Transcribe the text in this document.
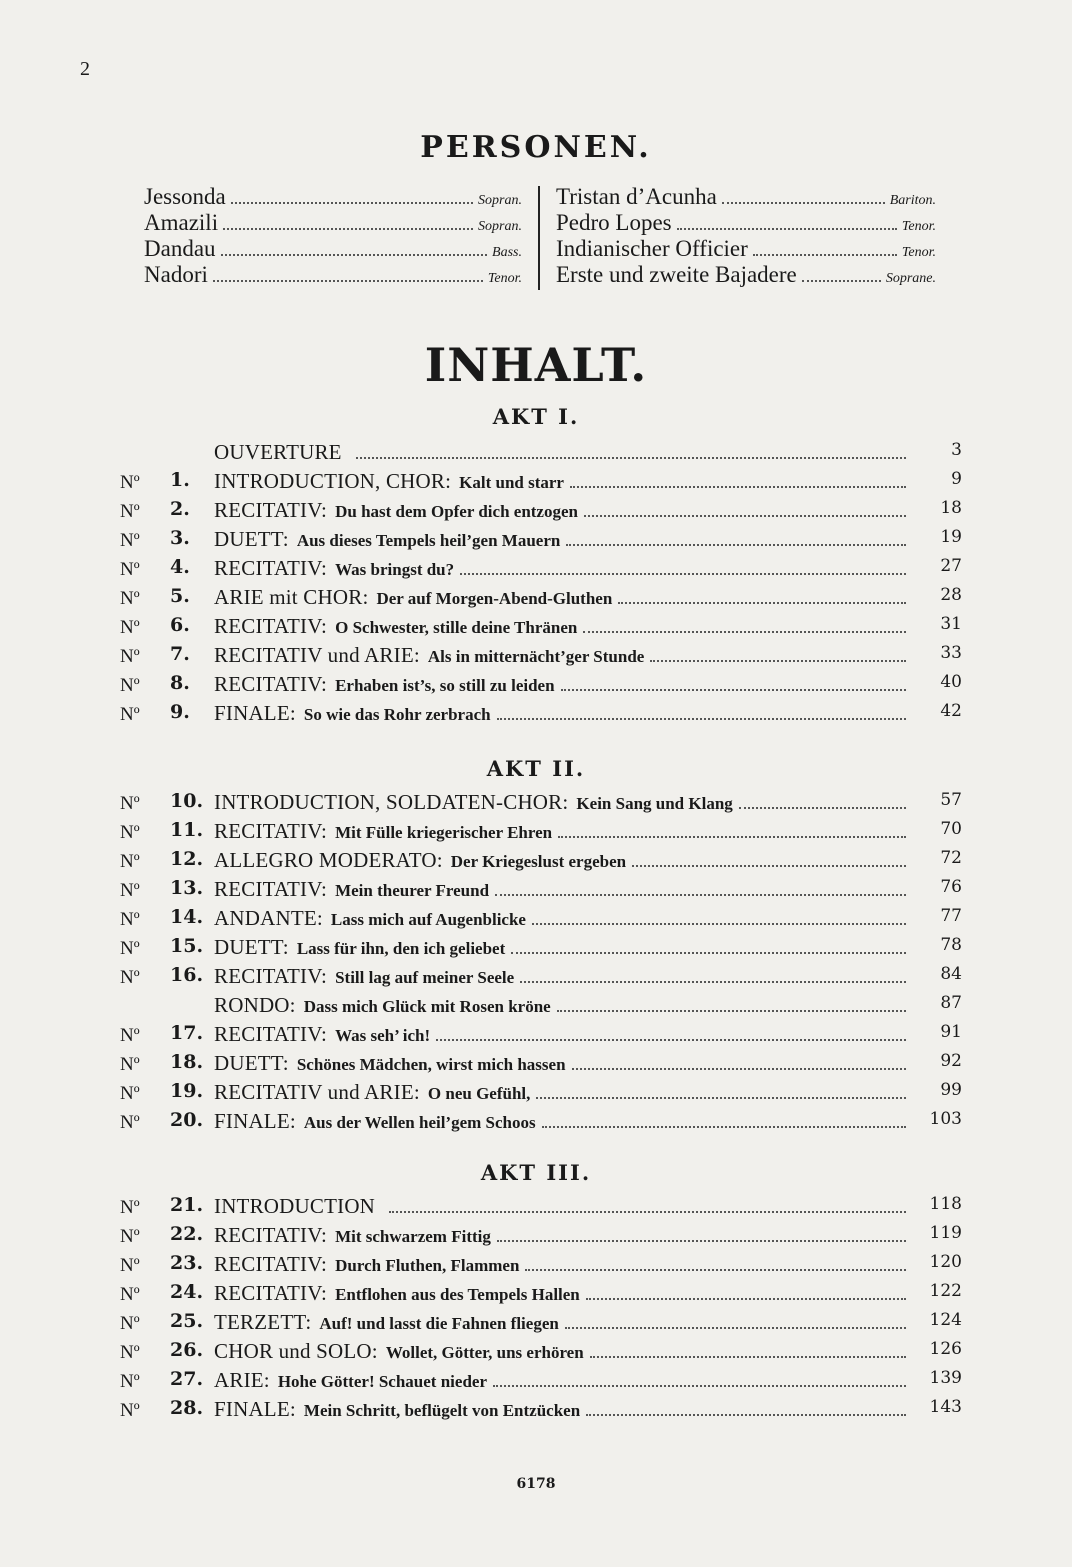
2
PERSONEN.
Jessonda	Sopran.
Amazili	Sopran.
Dandau	Bass.
Nadori	Tenor.
Tristan d’Acunha	Bariton.
Pedro Lopes	Tenor.
Indianischer Officier	Tenor.
Erste und zweite Bajadere	Soprane.
INHALT.
AKT I.
OUVERTURE	3
Nº	1.	INTRODUCTION, CHOR: Kalt und starr	9
Nº	2.	RECITATIV: Du hast dem Opfer dich entzogen	18
Nº	3.	DUETT: Aus dieses Tempels heil’gen Mauern	19
Nº	4.	RECITATIV: Was bringst du?	27
Nº	5.	ARIE mit CHOR: Der auf Morgen-Abend-Gluthen	28
Nº	6.	RECITATIV: O Schwester, stille deine Thränen	31
Nº	7.	RECITATIV und ARIE: Als in mitternächt’ger Stunde	33
Nº	8.	RECITATIV: Erhaben ist’s, so still zu leiden	40
Nº	9.	FINALE: So wie das Rohr zerbrach	42
AKT II.
Nº	10. INTRODUCTION, SOLDATEN-CHOR: Kein Sang und Klang	57
Nº	11. RECITATIV: Mit Fülle kriegerischer Ehren	70
Nº	12. ALLEGRO MODERATO: Der Kriegeslust ergeben	72
Nº	13. RECITATIV: Mein theurer Freund	76
Nº	14. ANDANTE: Lass mich auf Augenblicke	77
Nº	15. DUETT: Lass für ihn, den ich geliebet	78
Nº	16. RECITATIV: Still lag auf meiner Seele	84
RONDO: Dass mich Glück mit Rosen kröne	87
Nº	17. RECITATIV: Was seh’ ich!	91
Nº	18. DUETT: Schönes Mädchen, wirst mich hassen	92
Nº	19. RECITATIV und ARIE: O neu Gefühl,	99
Nº	20. FINALE: Aus der Wellen heil’gem Schoos	103
AKT III.
Nº	21. INTRODUCTION	118
Nº	22. RECITATIV: Mit schwarzem Fittig	119
Nº	23. RECITATIV: Durch Fluthen, Flammen	120
Nº	24. RECITATIV: Entflohen aus des Tempels Hallen	122
Nº	25. TERZETT: Auf! und lasst die Fahnen fliegen	124
Nº	26. CHOR und SOLO: Wollet, Götter, uns erhören	126
Nº	27. ARIE: Hohe Götter! Schauet nieder	139
Nº	28. FINALE: Mein Schritt, beflügelt von Entzücken	143
6178
